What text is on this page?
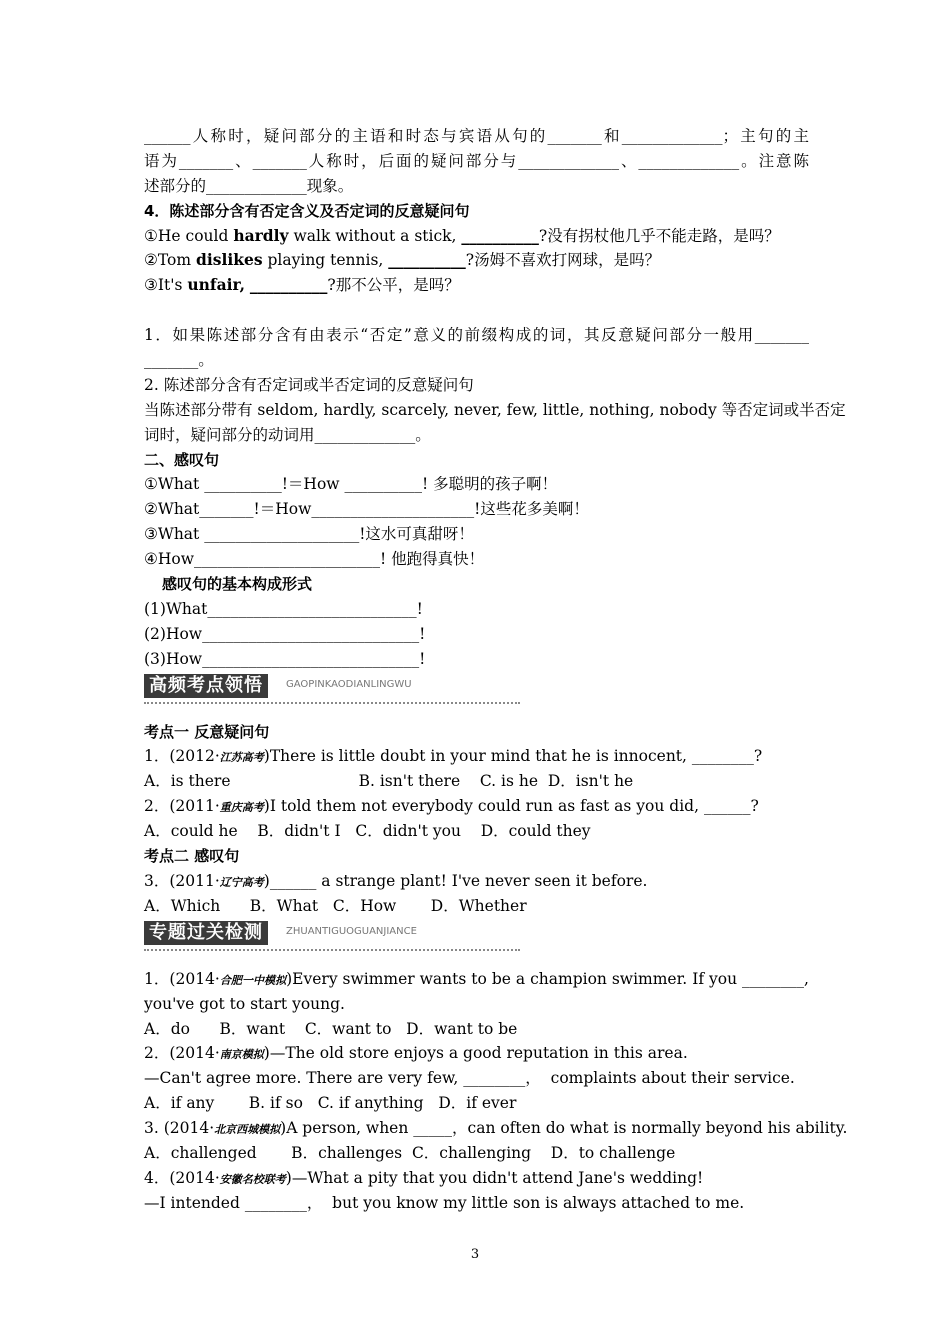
______人称时，疑问部分的主语和时态与宾语从句的_______和_____________；主句的主
语为_______、_______人称时，后面的疑问部分与_____________、_____________。注意陈
述部分的_____________现象。
4．陈述部分含有否定含义及否定词的反意疑问句
①He could hardly walk without a stick, __________?没有拐杖他几乎不能走路，是吗？
②Tom dislikes playing tennis, __________?汤姆不喜欢打网球，是吗？
③It's unfair, __________?那不公平，是吗？
1．如果陈述部分含有由表示“否定”意义的前缀构成的词，其反意疑问部分一般用_______
_______。
2. 陈述部分含有否定词或半否定词的反意疑问句
当陈述部分带有 seldom, hardly, scarcely, never, few, little, nothing, nobody 等否定词或半否定
词时，疑问部分的动词用_____________。
二、感叹句
①What __________!＝How __________! 多聪明的孩子啊！
②What_______!＝How_____________________!这些花多美啊！
③What ____________________!这水可真甜呀！
④How________________________! 他跑得真快！
感叹句的基本构成形式
(1)What___________________________!
(2)How____________________________!
(3)How____________________________!
高频考点领悟	GAOPINKAODIANLINGWU
考点一 反意疑问句
1．(2012·江苏高考)There is little doubt in your mind that he is innocent, ________?
A．is there                          B. isn't there    C. is he  D．isn't he
2．(2011·重庆高考)I told them not everybody could run as fast as you did, ______?
A．could he    B．didn't I   C．didn't you    D．could they
考点二 感叹句
3．(2011·辽宁高考)______ a strange plant! I've never seen it before.
A．Which      B．What   C．How       D．Whether
专题过关检测	ZHUANTIGUOGUANJIANCE
1．(2014·合肥一中模拟)Every swimmer wants to be a champion swimmer. If you ________,
you've got to start young.
A．do      B．want    C．want to   D．want to be
2．(2014·南京模拟)—The old store enjoys a good reputation in this area.
—Can't agree more. There are very few, ________，  complaints about their service.
A．if any       B. if so   C. if anything   D．if ever
3. (2014·北京西城模拟)A person, when _____，can often do what is normally beyond his ability.
A．challenged       B．challenges  C．challenging    D．to challenge
4．(2014·安徽名校联考)—What a pity that you didn't attend Jane's wedding!
—I intended ________，  but you know my little son is always attached to me.
3
